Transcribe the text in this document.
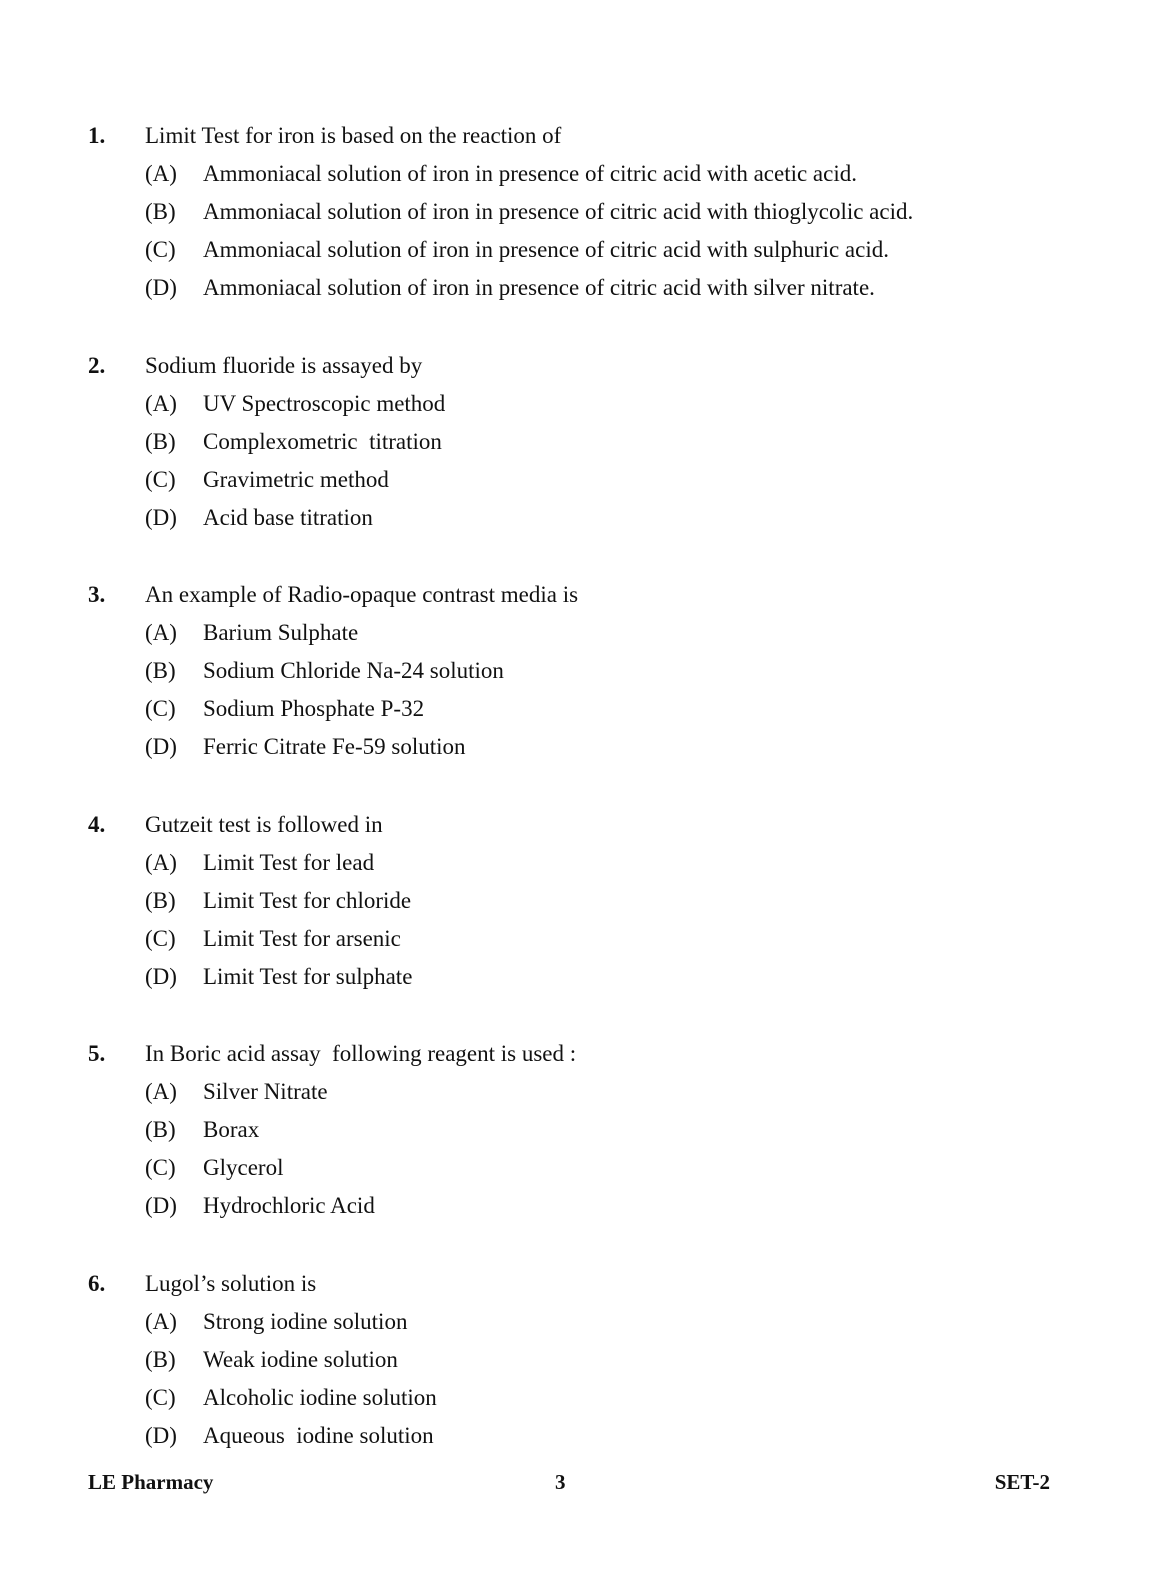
1.	Limit Test for iron is based on the reaction of
(A)	Ammoniacal solution of iron in presence of citric acid with acetic acid.
(B)	Ammoniacal solution of iron in presence of citric acid with thioglycolic acid.
(C)	Ammoniacal solution of iron in presence of citric acid with sulphuric acid.
(D)	Ammoniacal solution of iron in presence of citric acid with silver nitrate.
2.	Sodium fluoride is assayed by
(A)	UV Spectroscopic method
(B)	Complexometric  titration
(C)	Gravimetric method
(D)	Acid base titration
3.	An example of Radio-opaque contrast media is
(A)	Barium Sulphate
(B)	Sodium Chloride Na-24 solution
(C)	Sodium Phosphate P-32
(D)	Ferric Citrate Fe-59 solution
4.	Gutzeit test is followed in
(A)	Limit Test for lead
(B)	Limit Test for chloride
(C)	Limit Test for arsenic
(D)	Limit Test for sulphate
5.	In Boric acid assay  following reagent is used :
(A)	Silver Nitrate
(B)	Borax
(C)	Glycerol
(D)	Hydrochloric Acid
6.	Lugol’s solution is
(A)	Strong iodine solution
(B)	Weak iodine solution
(C)	Alcoholic iodine solution
(D)	Aqueous  iodine solution
LE Pharmacy	3	SET-2
